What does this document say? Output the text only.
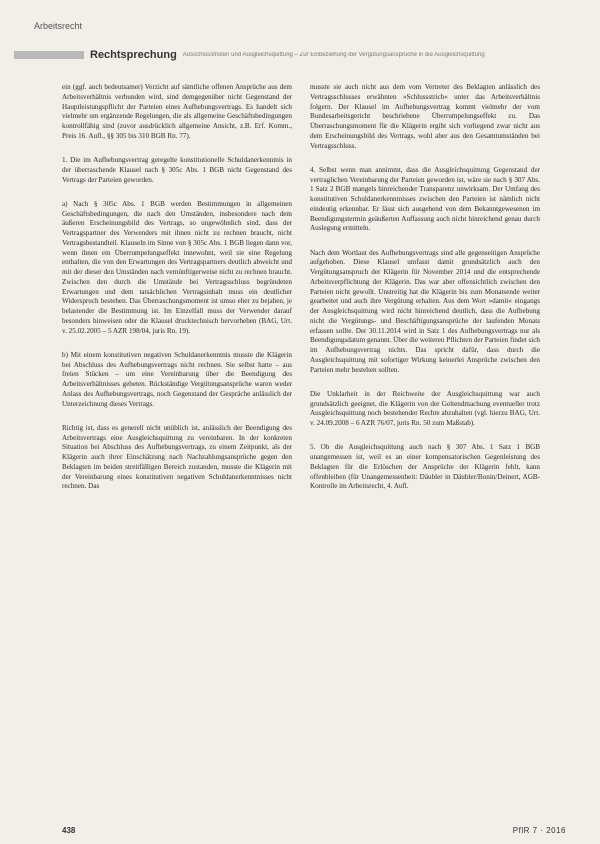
Arbeitsrecht
Rechtsprechung Ausschlussfristen und Ausgleichsquittung – Zur Einbeziehung der Vergütungsansprüche in die Ausgleichsquittung

ein (ggf. auch bedeutsamer) Verzicht auf sämtliche offenen Ansprüche aus dem Arbeitsverhältnis verbunden wird, sind demgegenüber nicht Gegenstand der Hauptleistungspflicht der Parteien eines Aufhebungsvertrags. Es handelt sich vielmehr um ergänzende Regelungen, die als allgemeine Geschäftsbedingungen kontrollfähig sind (zuvor ausdrücklich allgemeine Ansicht, z.B. Erf. Komm., Preis 16. Aufl., §§ 305 bis 310 BGB Rn. 77).

1. Die im Aufhebungsvertrag geregelte konstitutionelle Schuldanerkenntnis in der überraschende Klausel nach § 305c Abs. 1 BGB nicht Gegenstand des Vertrags der Parteien geworden.

a) Nach § 305c Abs. 1 BGB werden Bestimmungen in allgemeinen Geschäftsbedingungen, die nach den Umständen, insbesondere nach dem äußeren Erscheinungsbild des Vertrags, so ungewöhnlich sind, dass der Vertragspartner des Verwenders mit ihnen nicht zu rechnen braucht, nicht Vertragsbestandteil. Klauseln im Sinne von § 305c Abs. 1 BGB liegen dann vor, wenn ihnen ein Überrumpelungseffekt innewohnt, weil sie eine Regelung enthalten, die von den Erwartungen des Vertragspartners deutlich abweicht und mit der dieser den Umständen nach vernünftigerweise nicht zu rechnen braucht. Zwischen den durch die Umstände bei Vertragsschluss begründeten Erwartungen und dem tatsächlichen Vertragsinhalt muss ein deutlicher Widerspruch bestehen. Das Überraschungsmoment ist umso eher zu bejahen, je belastender die Bestimmung ist. Im Einzelfall muss der Verwender darauf besonders hinweisen oder die Klausel drucktechnisch hervorheben (BAG, Urt. v. 25.02.2005 – 5 AZR 198/04, juris Rn. 19).

b) Mit einem konstitutiven negativen Schuldanerkenntnis musste die Klägerin bei Abschluss des Aufhebungsvertrags nicht rechnen. Sie selbst hatte – aus freien Stücken – um eine Vereinbarung über die Beendigung des Arbeitsverhältnisses gebeten. Rückständige Vergütungsansprüche waren weder Anlass des Aufhebungsvertrags, noch Gegenstand der Gespräche anlässlich der Unterzeichnung dieses Vertrags.

Richtig ist, dass es generell nicht unüblich ist, anlässlich der Beendigung des Arbeitsvertrags eine Ausgleichsquittung zu vereinbaren. In der konkreten Situation bei Abschluss des Aufhebungsvertrags, zu einem Zeitpunkt, als der Klägerin auch ihrer Einschätzung nach Nachzahlungsansprüche gegen den Beklagten im beiden streitfälligen Bereich zustanden, musste die Klägerin mit der Vereinbarung eines konstitutiven negativen Schuldanerkenntnisses nicht rechnen. Das

musste sie auch nicht aus dem vom Vertreter des Beklagten anlässlich des Vertragsschlusses erwähnten »Schlussstrich« unter das Arbeitsverhältnis folgern. Der Klausel im Aufhebungsvertrag kommt vielmehr der vom Bundesarbeitsgericht beschriebene Überrumpelungseffekt zu. Das Überraschungsmoment für die Klägerin ergibt sich vorliegend zwar nicht aus dem Erscheinungsbild des Vertrags, wohl aber aus den Gesamtumständen bei Vertragsschluss.

4. Selbst wenn man annimmt, dass die Ausgleichsquittung Gegenstand der vertraglichen Vereinbarung der Parteien geworden ist, wäre sie nach § 307 Abs. 1 Satz 2 BGB mangels hinreichender Transparenz unwirksam. Der Umfang des konstitutiven Schuldanerkenntnisses zwischen den Parteien ist nämlich nicht eindeutig erkennbar. Er lässt sich ausgehend von dem Bekanntgewesenen im Beendigungstermin geäußerten Auffassung auch nicht hinreichend genau durch Auslegung ermitteln.

Nach dem Wortlaut des Aufhebungsvertrags sind alle gegenseitigen Ansprüche aufgehoben. Diese Klausel umfasst damit grundsätzlich auch den Vergütungsanspruch der Klägerin für November 2014 und die entsprechende Arbeitsverpflichtung der Klägerin. Das war aber offensichtlich zwischen den Parteien nicht gewollt. Unstreitig hat die Klägerin bis zum Monatsende weiter gearbeitet und auch ihre Vergütung erhalten. Aus dem Wort »damit« eingangs der Ausgleichsquittung wird nicht hinreichend deutlich, dass die Aufhebung nicht die Vergütungs- und Beschäftigungsansprüche der laufenden Monats erfassen sollte. Der 30.11.2014 wird in Satz 1 des Aufhebungsvertrags nur als Beendigungsdatum genannt. Über die weiteren Pflichten der Parteien findet sich im Aufhebungsvertrag nichts. Das spricht dafür, dass durch die Ausgleichsquittung mit sofortiger Wirkung keinerlei Ansprüche zwischen den Parteien mehr bestehen sollten.

Die Unklarheit in der Reichweite der Ausgleichsquittung war auch grundsätzlich geeignet, die Klägerin von der Geltendmachung eventueller trotz Ausgleichsquittung noch bestehender Rechte abzuhalten (vgl. hierzu BAG, Urt. v. 24.09.2008 – 6 AZR 76/07, juris Rn. 50 zum Maßstab).

5. Ob die Ausgleichsquittung auch nach § 307 Abs. 1 Satz 1 BGB unangemessen ist, weil es an einer kompensatorischen Gegenleistung des Beklagten für die Erlöschen der Ansprüche der Klägerin fehlt, kann offenbleiben (für Unangemessenheit: Däubler in Däubler/Bonin/Deinert, AGB-Kontrolle im Arbeitsrecht, 4. Aufl.

438	PflR 7 · 2016
